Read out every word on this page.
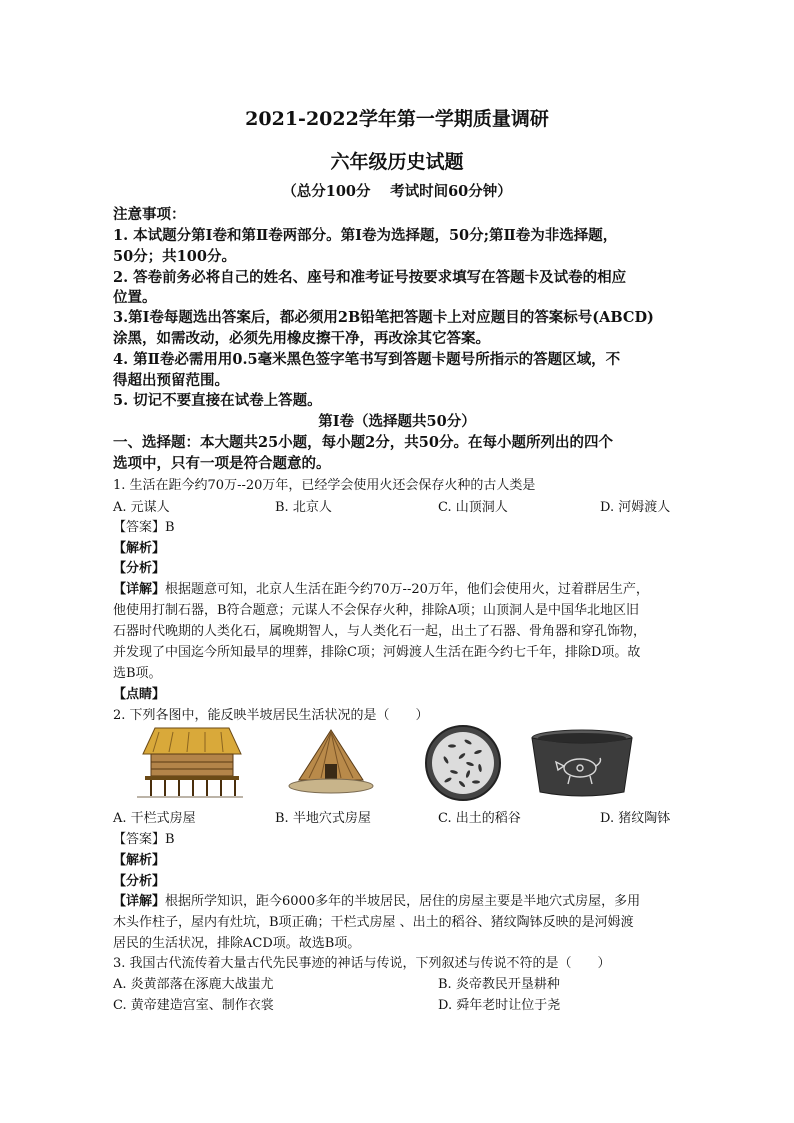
2021-2022学年第一学期质量调研
六年级历史试题
（总分100分　 考试时间60分钟）
注意事项：
1. 本试题分第Ⅰ卷和第Ⅱ卷两部分。第Ⅰ卷为选择题，50分;第Ⅱ卷为非选择题，
50分；共100分。
2. 答卷前务必将自己的姓名、座号和准考证号按要求填写在答题卡及试卷的相应
位置。
3.第Ⅰ卷每题选出答案后，都必须用2B铅笔把答题卡上对应题目的答案标号(ABCD)
涂黑，如需改动，必须先用橡皮擦干净，再改涂其它答案。
4. 第Ⅱ卷必需用用0.5毫米黑色签字笔书写到答题卡题号所指示的答题区域，不
得超出预留范围。
5. 切记不要直接在试卷上答题。
第Ⅰ卷（选择题共50分）
一、选择题：本大题共25小题，每小题2分，共50分。在每小题所列出的四个
选项中，只有一项是符合题意的。
1. 生活在距今约70万--20万年，已经学会使用火还会保存火种的古人类是
A. 元谋人	B. 北京人	C. 山顶洞人	D. 河姆渡人
【答案】B
【解析】
【分析】
【详解】根据题意可知，北京人生活在距今约70万--20万年，他们会使用火，过着群居生产，
他使用打制石器，B符合题意；元谋人不会保存火种，排除A项；山顶洞人是中国华北地区旧
石器时代晚期的人类化石，属晚期智人，与人类化石一起，出土了石器、骨角器和穿孔饰物，
并发现了中国迄今所知最早的埋葬，排除C项；河姆渡人生活在距今约七千年，排除D项。故
选B项。
【点睛】
2. 下列各图中，能反映半坡居民生活状况的是（　　）
A. 干栏式房屋	B. 半地穴式房屋	C. 出土的稻谷	D. 猪纹陶钵
【答案】B
【解析】
【分析】
【详解】根据所学知识，距今6000多年的半坡居民，居住的房屋主要是半地穴式房屋，多用
木头作柱子，屋内有灶坑，B项正确；干栏式房屋 、出土的稻谷、猪纹陶钵反映的是河姆渡
居民的生活状况，排除ACD项。故选B项。
3. 我国古代流传着大量古代先民事迹的神话与传说，下列叙述与传说不符的是（　　）
A. 炎黄部落在涿鹿大战蚩尤	B. 炎帝教民开垦耕种
C. 黄帝建造宫室、制作衣裳	D. 舜年老时让位于尧
